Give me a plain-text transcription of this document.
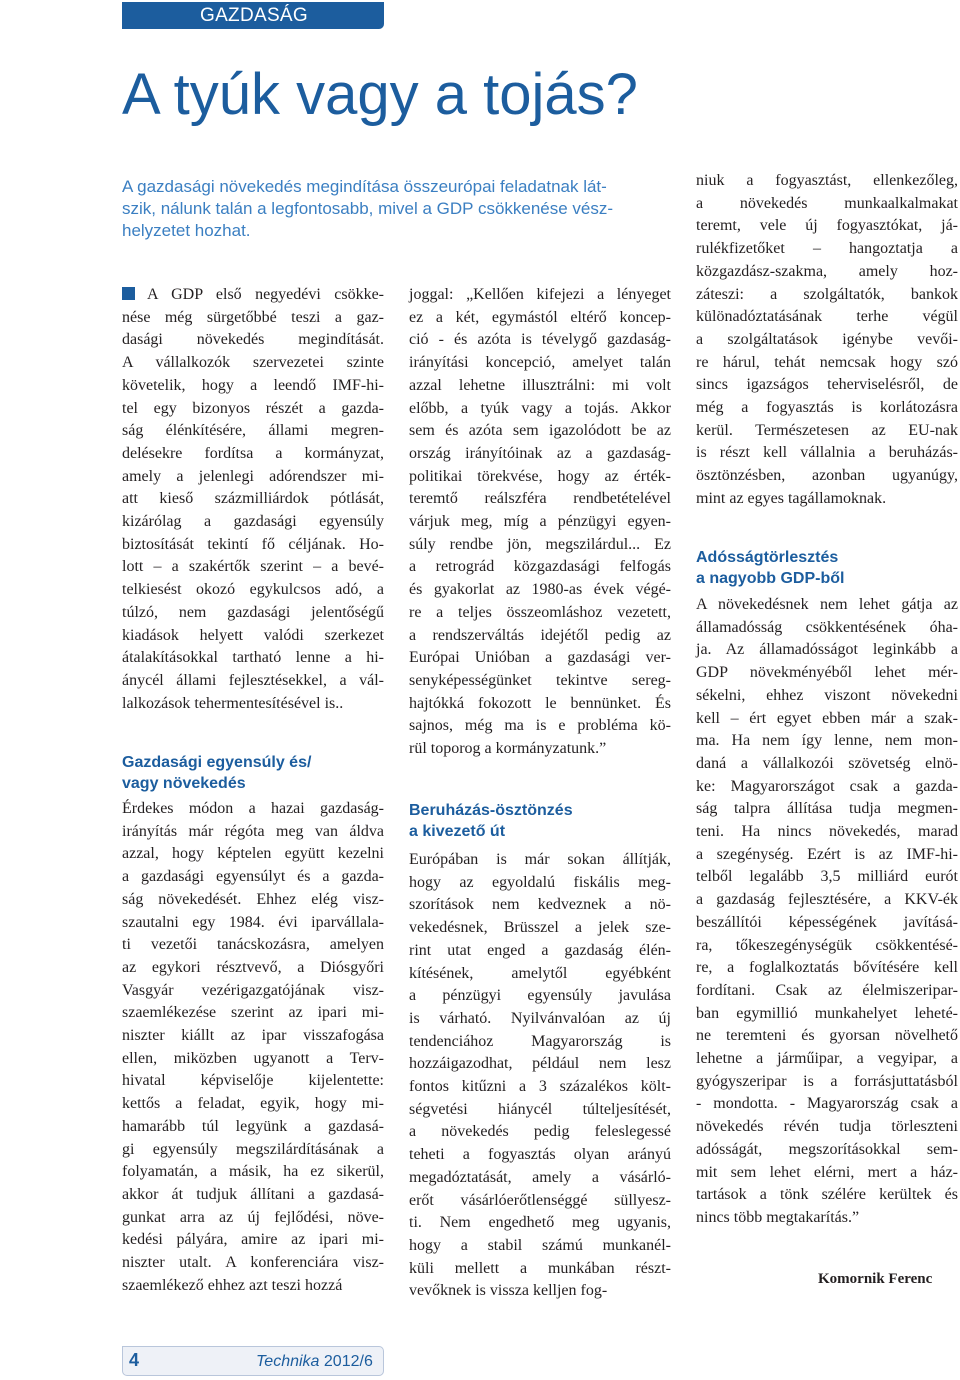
GAZDASÁG
A tyúk vagy a tojás?
A gazdasági növekedés megindítása összeurópai feladatnak lát-
szik, nálunk talán a legfontosabb, mivel a GDP csökkenése vész-
helyzetet hozhat.
A GDP első negyedévi csökke-
nése még sürgetőbbé teszi a gaz-
dasági növekedés megindítását.
A vállalkozók szervezetei szinte
követelik, hogy a leendő IMF-hi-
tel egy bizonyos részét a gazda-
ság élénkítésére, állami megren-
delésekre fordítsa a kormányzat,
amely a jelenlegi adórendszer mi-
att kieső százmilliárdok pótlását,
kizárólag a gazdasági egyensúly
biztosítását tekintí fő céljának. Ho-
lott – a szakértők szerint – a bevé-
telkiesést okozó egykulcsos adó, a
túlzó, nem gazdasági jelentőségű
kiadások helyett valódi szerkezet
átalakításokkal tartható lenne a hi-
ánycél állami fejlesztésekkel, a vál-
lalkozások tehermentesítésével is..
Gazdasági egyensúly és/
vagy növekedés
Érdekes módon a hazai gazdaság-
irányítás már régóta meg van áldva
azzal, hogy képtelen együtt kezelni
a gazdasági egyensúlyt és a gazda-
ság növekedését. Ehhez elég visz-
szautalni egy 1984. évi iparvállala-
ti vezetői tanácskozásra, amelyen
az egykori résztvevő, a Diósgyőri
Vasgyár vezérigazgatójának visz-
szaemlékezése szerint az ipari mi-
niszter kiállt az ipar visszafogása
ellen, miközben ugyanott a Terv-
hivatal képviselője kijelentette:
kettős a feladat, egyik, hogy mi-
hamarább túl legyünk a gazdasá-
gi egyensúly megszilárdításának a
folyamatán, a másik, ha ez sikerül,
akkor át tudjuk állítani a gazdasá-
gunkat arra az új fejlődési, növe-
kedési pályára, amire az ipari mi-
niszter utalt. A konferenciára visz-
szaemlékező ehhez azt teszi hozzá
joggal: „Kellően kifejezi a lényeget
ez a két, egymástól eltérő koncep-
ció - és azóta is tévelygő gazdaság-
irányítási koncepció, amelyet talán
azzal lehetne illusztrálni: mi volt
előbb, a tyúk vagy a tojás. Akkor
sem és azóta sem igazolódott be az
ország irányítóinak az a gazdaság-
politikai törekvése, hogy az érték-
teremtő reálszféra rendbetételével
várjuk meg, míg a pénzügyi egyen-
súly rendbe jön, megszilárdul... Ez
a retrográd közgazdasági felfogás
és gyakorlat az 1980-as évek végé-
re a teljes összeomláshoz vezetett,
a rendszerváltás idejétől pedig az
Európai Unióban a gazdasági ver-
senyképességünket tekintve sereg-
hajtókká fokozott le bennünket. És
sajnos, még ma is e probléma kö-
rül toporog a kormányzatunk.”
Beruházás-ösztönzés
a kivezető út
Európában is már sokan állítják,
hogy az egyoldalú fiskális meg-
szorítások nem kedveznek a nö-
vekedésnek, Brüsszel a jelek sze-
rint utat enged a gazdaság élén-
kítésének, amelytől egyébként
a pénzügyi egyensúly javulása
is várható. Nyilvánvalóan az új
tendenciához Magyarország is
hozzáigazodhat, például nem lesz
fontos kitűzni a 3 százalékos költ-
ségvetési hiánycél túlteljesítését,
a növekedés pedig feleslegessé
teheti a fogyasztás olyan arányú
megadóztatását, amely a vásárló-
erőt vásárlóerőtlenséggé süllyesz-
ti. Nem engedhető meg ugyanis,
hogy a stabil számú munkanél-
küli mellett a munkában részt-
vevőknek is vissza kelljen fog-
niuk a fogyasztást, ellenkezőleg,
a növekedés munkaalkalmakat
teremt, vele új fogyasztókat, já-
rulékfizetőket – hangoztatja a
közgazdász-szakma, amely hoz-
záteszi: a szolgáltatók, bankok
különadóztatásának terhe végül
a szolgáltatások igénybe vevői-
re hárul, tehát nemcsak hogy szó
sincs igazságos teherviselésről, de
még a fogyasztás is korlátozásra
kerül. Természetesen az EU-nak
is részt kell vállalnia a beruházás-
ösztönzésben, azonban ugyanúgy,
mint az egyes tagállamoknak.
Adósságtörlesztés
a nagyobb GDP-ből
A növekedésnek nem lehet gátja az
államadósság csökkentésének óha-
ja. Az államadósságot leginkább a
GDP növekményéből lehet mér-
sékelni, ehhez viszont növekedni
kell – ért egyet ebben már a szak-
ma. Ha nem így lenne, nem mon-
daná a vállalkozói szövetség elnö-
ke: Magyarországot csak a gazda-
ság talpra állítása tudja megmen-
teni. Ha nincs növekedés, marad
a szegénység. Ezért is az IMF-hi-
telből legalább 3,5 milliárd eurót
a gazdaság fejlesztésére, a KKV-ék
beszállítói képességének javításá-
ra, tőkeszegénységük csökkentésé-
re, a foglalkoztatás bővítésére kell
fordítani. Csak az élelmiszeripar-
ban egymillió munkahelyet leheté-
ne teremteni és gyorsan növelhető
lehetne a járműipar, a vegyipar, a
gyógyszeripar is a forrásjuttatásból
- mondotta. - Magyarország csak a
növekedés révén tudja törleszteni
adósságát, megszorításokkal sem-
mit sem lehet elérni, mert a ház-
tartások a tönk szélére kerültek és
nincs több megtakarítás.”
Komornik Ferenc
4	Technika 2012/6
